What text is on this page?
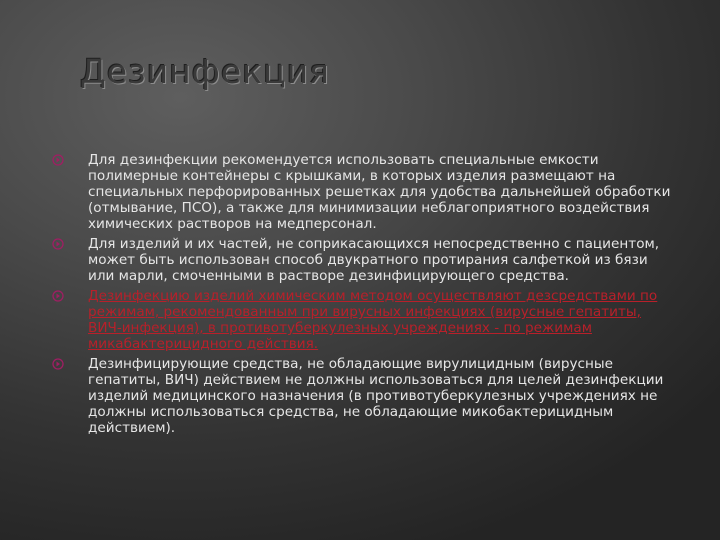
Дезинфекция
Для дезинфекции рекомендуется использовать специальные емкости полимерные контейнеры с крышками, в которых изделия размещают на специальных перфорированных решетках для удобства дальнейшей обработки (отмывание, ПСО), а также для минимизации неблагоприятного воздействия химических растворов на медперсонал.
Для изделий и их частей, не соприкасающихся непосредственно с пациентом, может быть использован способ двукратного протирания салфеткой из бязи или марли, смоченными в растворе дезинфицирующего средства.
Дезинфекцию изделий химическим методом осуществляют дезсредствами по режимам, рекомендованным при вирусных инфекциях (вирусные гепатиты, ВИЧ-инфекция), в противотуберкулезных учреждениях - по режимам микабактерицидного действия.
Дезинфицирующие средства, не обладающие вирулицидным (вирусные гепатиты, ВИЧ) действием не должны использоваться для целей дезинфекции изделий медицинского назначения (в противотуберкулезных учреждениях не должны использоваться средства, не обладающие микобактерицидным действием).
